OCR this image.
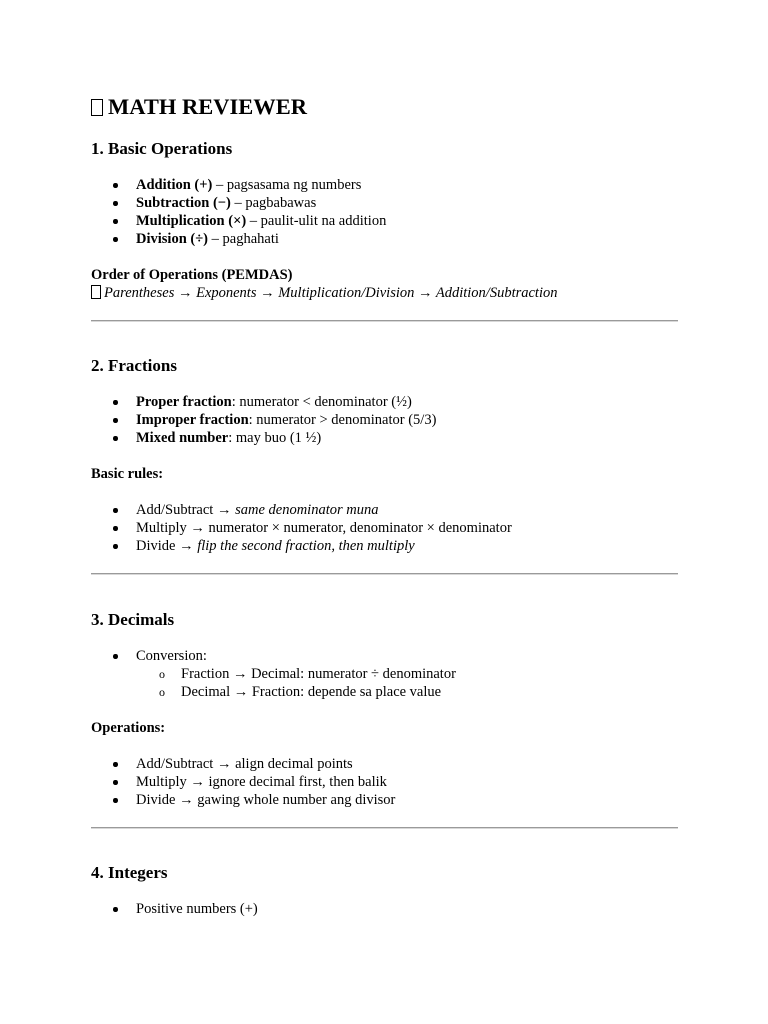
MATH REVIEWER
1. Basic Operations
Addition (+) – pagsasama ng numbers
Subtraction (−) – pagbabawas
Multiplication (×) – paulit-ulit na addition
Division (÷) – paghahati
Order of Operations (PEMDAS)
Parentheses → Exponents → Multiplication/Division → Addition/Subtraction
2. Fractions
Proper fraction: numerator < denominator (½)
Improper fraction: numerator > denominator (5/3)
Mixed number: may buo (1 ½)
Basic rules:
Add/Subtract → same denominator muna
Multiply → numerator × numerator, denominator × denominator
Divide → flip the second fraction, then multiply
3. Decimals
Conversion:
o Fraction → Decimal: numerator ÷ denominator
o Decimal → Fraction: depende sa place value
Operations:
Add/Subtract → align decimal points
Multiply → ignore decimal first, then balik
Divide → gawing whole number ang divisor
4. Integers
Positive numbers (+)
